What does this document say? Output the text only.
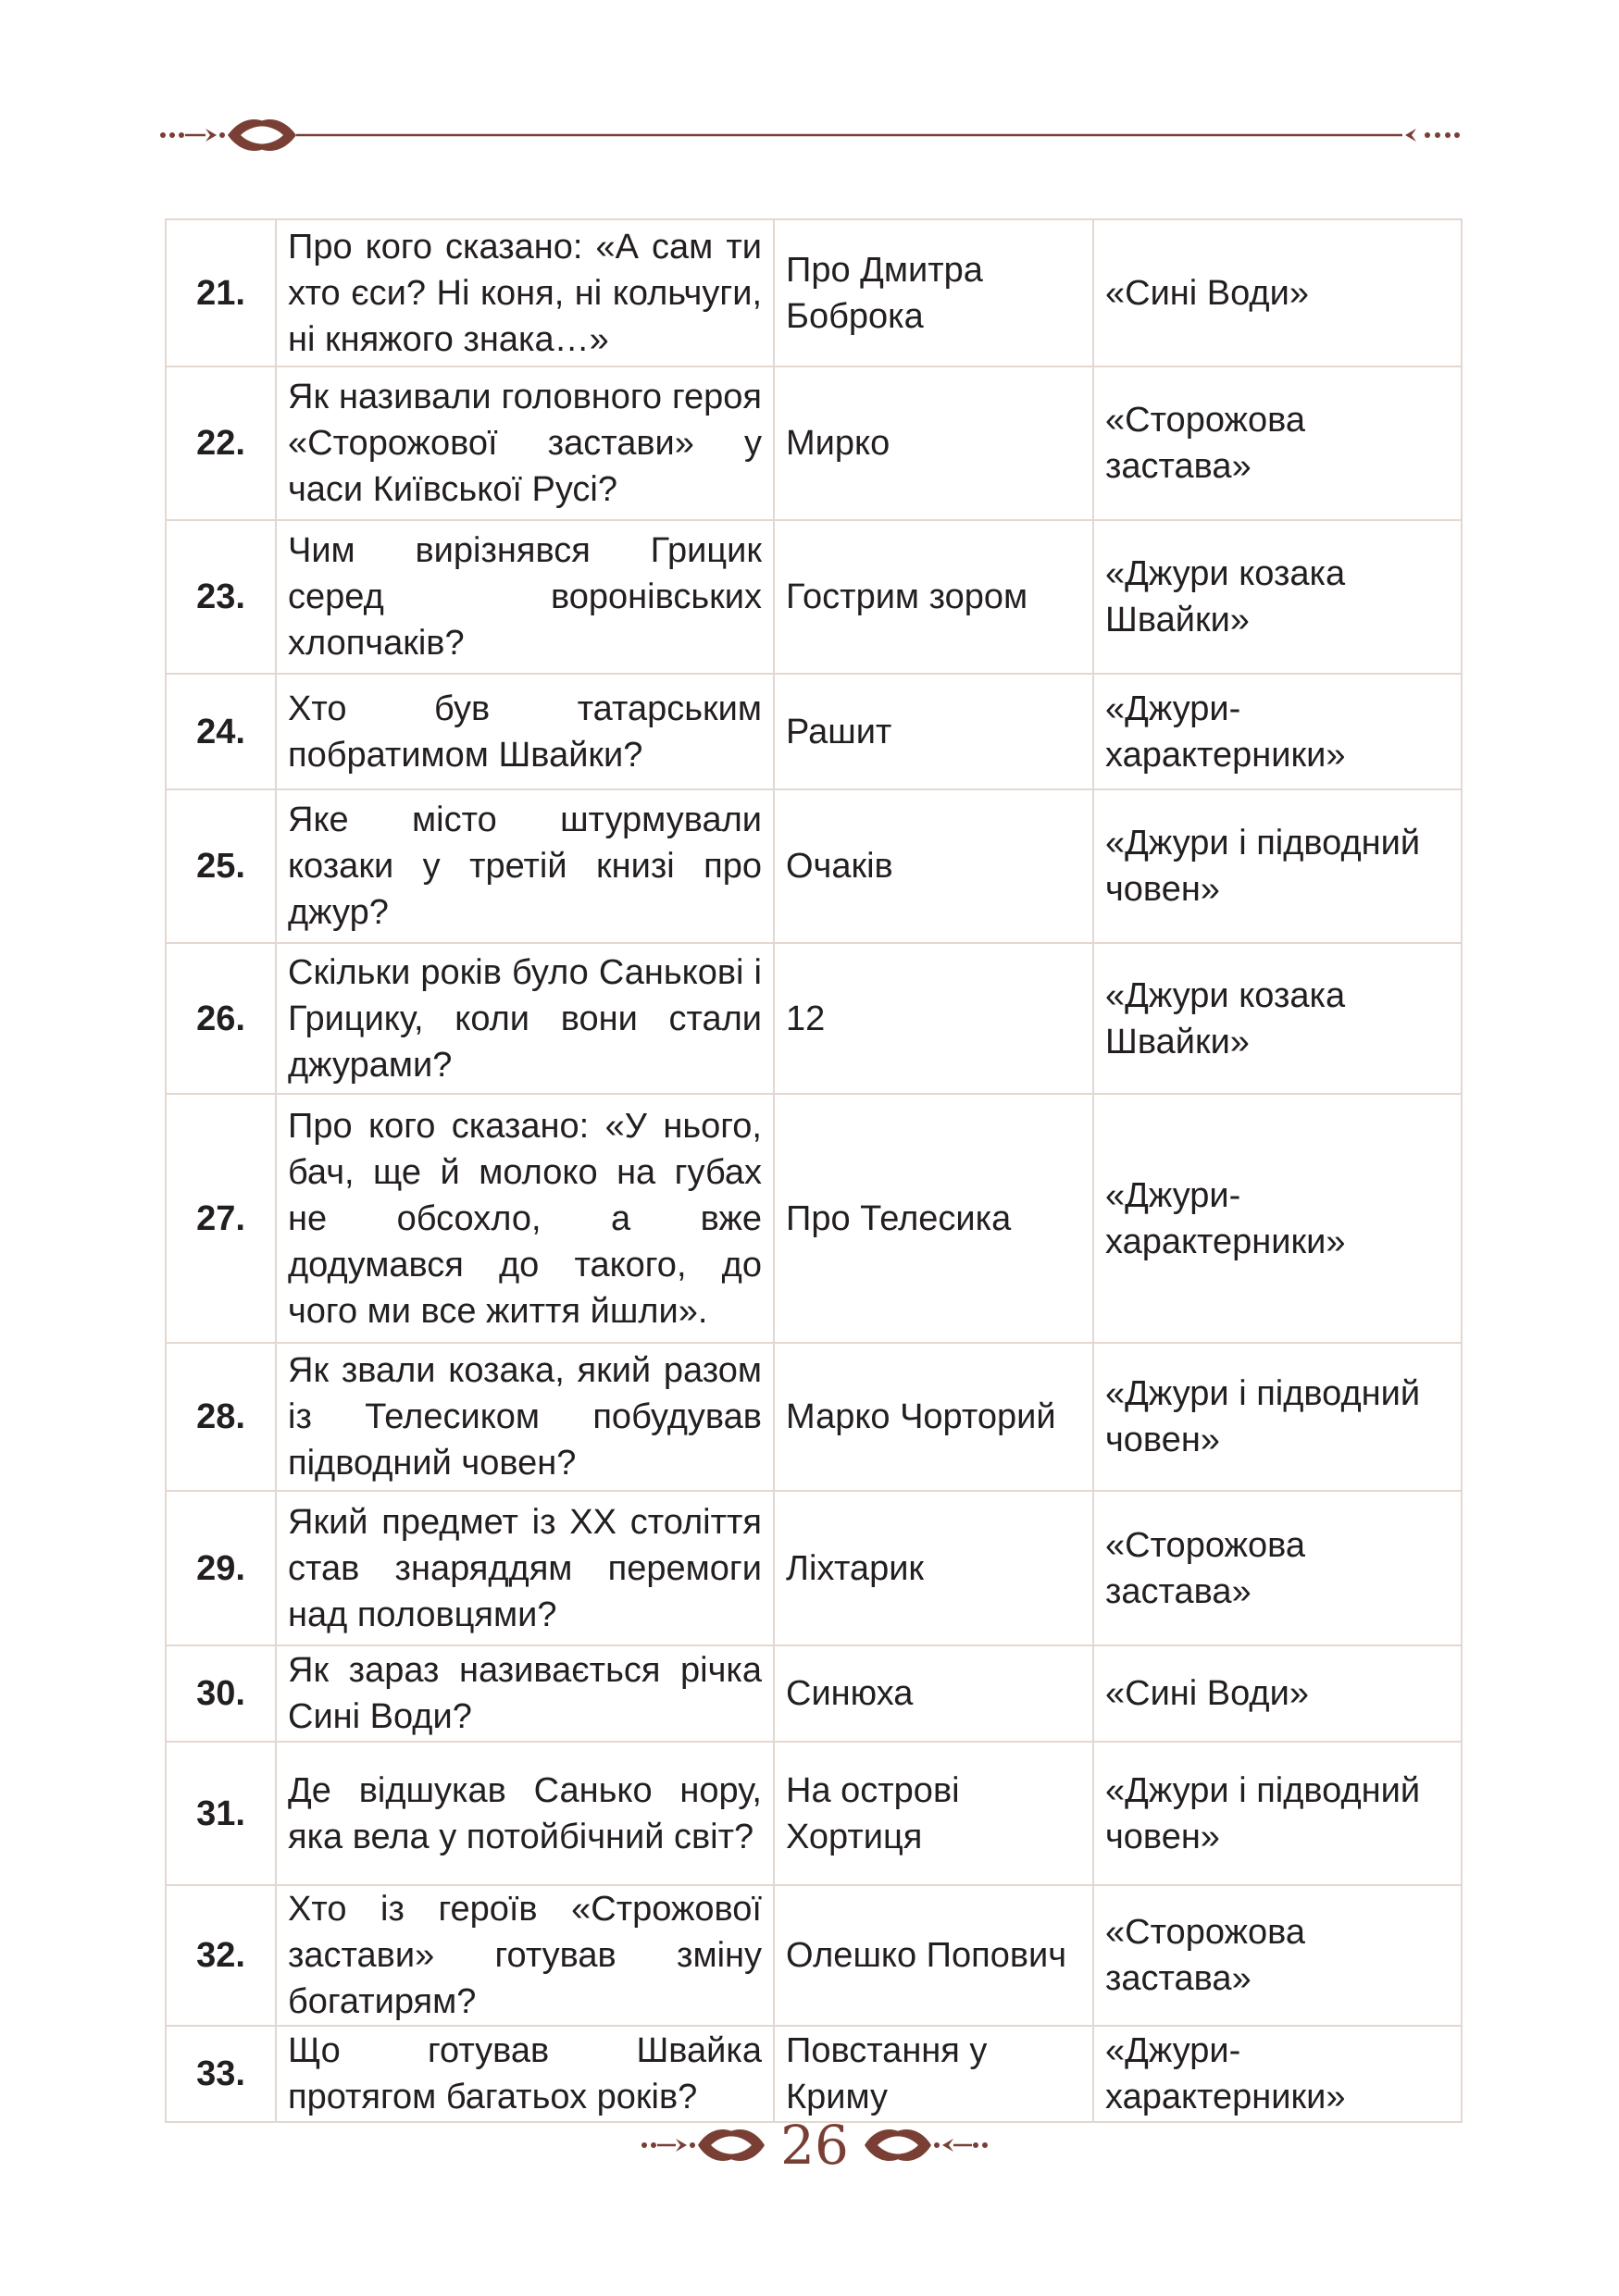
21.	Про кого сказано: «А сам ти хто єси? Ні коня, ні кольчуги, ні княжого знака…»	Про Дмитра Боброка	«Сині Води»
22.	Як називали головного героя «Сторожової застави» у часи Київської Русі?	Мирко	«Сторожова застава»
23.	Чим вирізнявся Грицик серед воронівських хлопчаків?	Гострим зором	«Джури козака Швайки»
24.	Хто був татарським побратимом Швайки?	Рашит	«Джури-характерники»
25.	Яке місто штурмували козаки у третій книзі про джур?	Очаків	«Джури і підводний човен»
26.	Скільки років було Санькові і Грицику, коли вони стали джурами?	12	«Джури козака Швайки»
27.	Про кого сказано: «У нього, бач, ще й молоко на губах не обсохло, а вже додумався до такого, до чого ми все життя йшли».	Про Телесика	«Джури-характерники»
28.	Як звали козака, який разом із Телесиком побудував підводний човен?	Марко Чорторий	«Джури і підводний човен»
29.	Який предмет із XX століття став знаряддям перемоги над половцями?	Ліхтарик	«Сторожова застава»
30.	Як зараз називається річка Сині Води?	Синюха	«Сині Води»
31.	Де відшукав Санько нору, яка вела у потойбічний світ?	На острові Хортиця	«Джури і підводний човен»
32.	Хто із героїв «Строжової застави» готував зміну богатирям?	Олешко Попович	«Сторожова застава»
33.	Що готував Швайка протягом багатьох років?	Повстання у Криму	«Джури-характерники»
26
